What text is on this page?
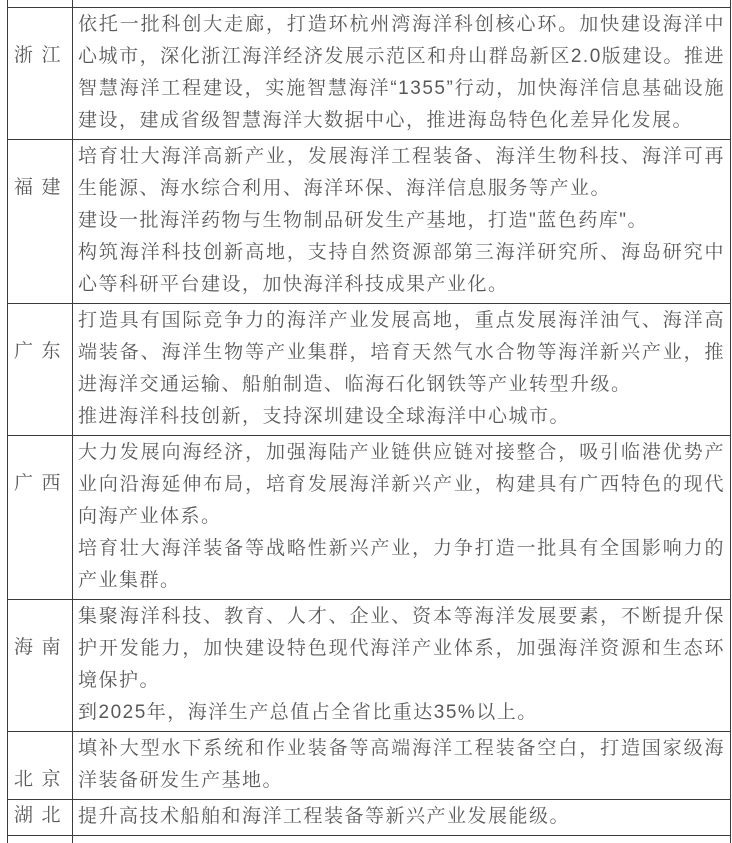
浙江	依托一批科创大走廊，打造环杭州湾海洋科创核心环。加快建设海洋中心城市，深化浙江海洋经济发展示范区和舟山群岛新区2.0版建设。推进智慧海洋工程建设，实施智慧海洋“1355”行动，加快海洋信息基础设施建设，建成省级智慧海洋大数据中心，推进海岛特色化差异化发展。

福建	培育壮大海洋高新产业，发展海洋工程装备、海洋生物科技、海洋可再生能源、海水综合利用、海洋环保、海洋信息服务等产业。

建设一批海洋药物与生物制品研发生产基地，打造"蓝色药库"。

构筑海洋科技创新高地，支持自然资源部第三海洋研究所、海岛研究中心等科研平台建设，加快海洋科技成果产业化。

广东	打造具有国际竞争力的海洋产业发展高地，重点发展海洋油气、海洋高端装备、海洋生物等产业集群，培育天然气水合物等海洋新兴产业，推进海洋交通运输、船舶制造、临海石化钢铁等产业转型升级。

推进海洋科技创新，支持深圳建设全球海洋中心城市。

广西	大力发展向海经济，加强海陆产业链供应链对接整合，吸引临港优势产业向沿海延伸布局，培育发展海洋新兴产业，构建具有广西特色的现代向海产业体系。

培育壮大海洋装备等战略性新兴产业，力争打造一批具有全国影响力的产业集群。

海南	集聚海洋科技、教育、人才、企业、资本等海洋发展要素，不断提升保护开发能力，加快建设特色现代海洋产业体系，加强海洋资源和生态环境保护。

到2025年，海洋生产总值占全省比重达35%以上。

北京	填补大型水下系统和作业装备等高端海洋工程装备空白，打造国家级海洋装备研发生产基地。

湖北	提升高技术船舶和海洋工程装备等新兴产业发展能级。
